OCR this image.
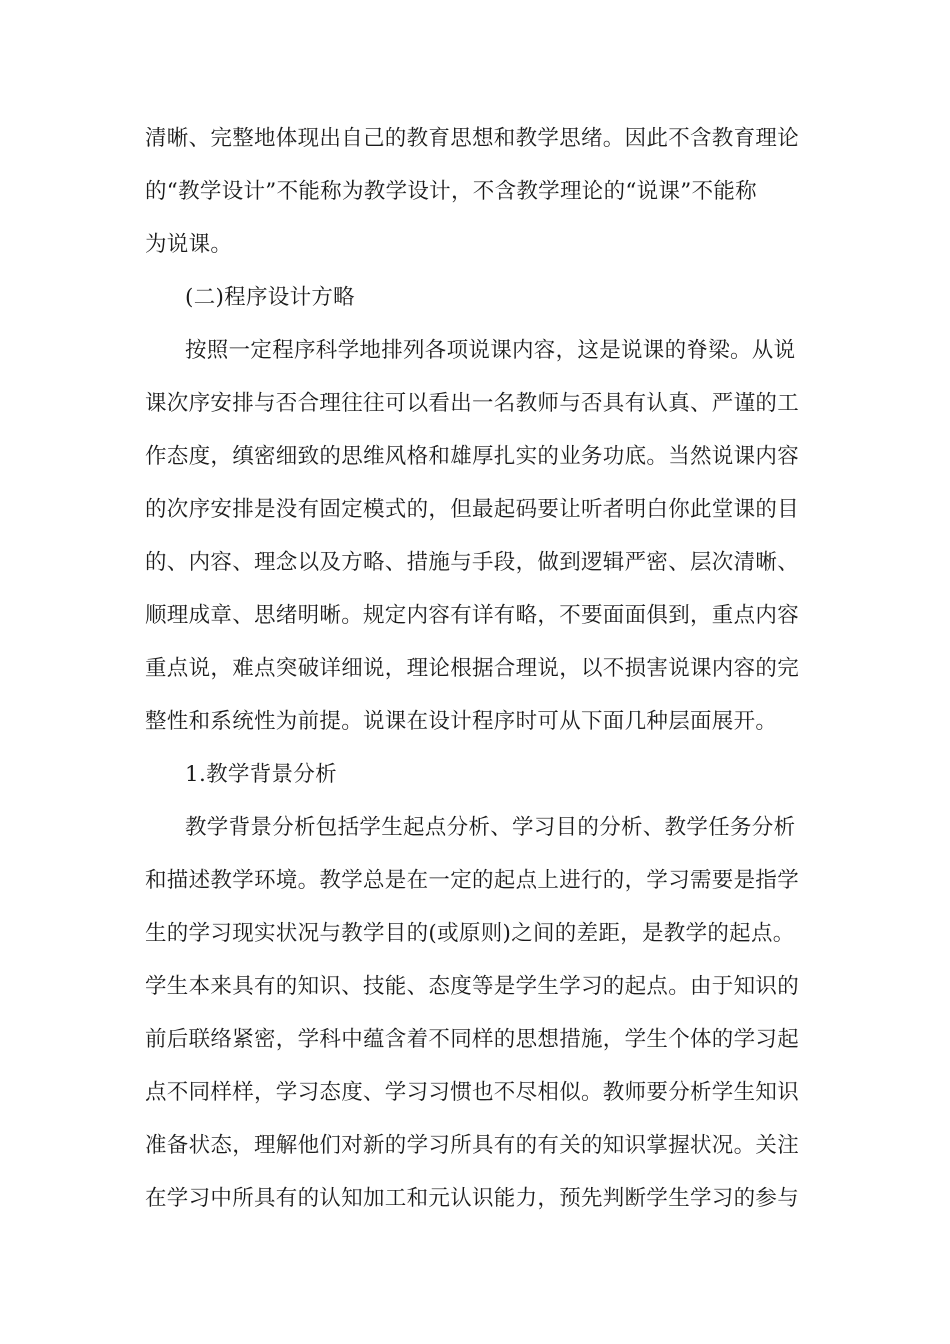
清晰、完整地体现出自己的教育思想和教学思绪。因此不含教育理论
的“教学设计”不能称为教学设计，不含教学理论的“说课”不能称
为说课。
(二)程序设计方略
按照一定程序科学地排列各项说课内容，这是说课的脊梁。从说
课次序安排与否合理往往可以看出一名教师与否具有认真、严谨的工
作态度，缜密细致的思维风格和雄厚扎实的业务功底。当然说课内容
的次序安排是没有固定模式的，但最起码要让听者明白你此堂课的目
的、内容、理念以及方略、措施与手段，做到逻辑严密、层次清晰、
顺理成章、思绪明晰。规定内容有详有略，不要面面俱到，重点内容
重点说，难点突破详细说，理论根据合理说，以不损害说课内容的完
整性和系统性为前提。说课在设计程序时可从下面几种层面展开。
1.教学背景分析
教学背景分析包括学生起点分析、学习目的分析、教学任务分析
和描述教学环境。教学总是在一定的起点上进行的，学习需要是指学
生的学习现实状况与教学目的(或原则)之间的差距，是教学的起点。
学生本来具有的知识、技能、态度等是学生学习的起点。由于知识的
前后联络紧密，学科中蕴含着不同样的思想措施，学生个体的学习起
点不同样样，学习态度、学习习惯也不尽相似。教师要分析学生知识
准备状态，理解他们对新的学习所具有的有关的知识掌握状况。关注
在学习中所具有的认知加工和元认识能力，预先判断学生学习的参与
